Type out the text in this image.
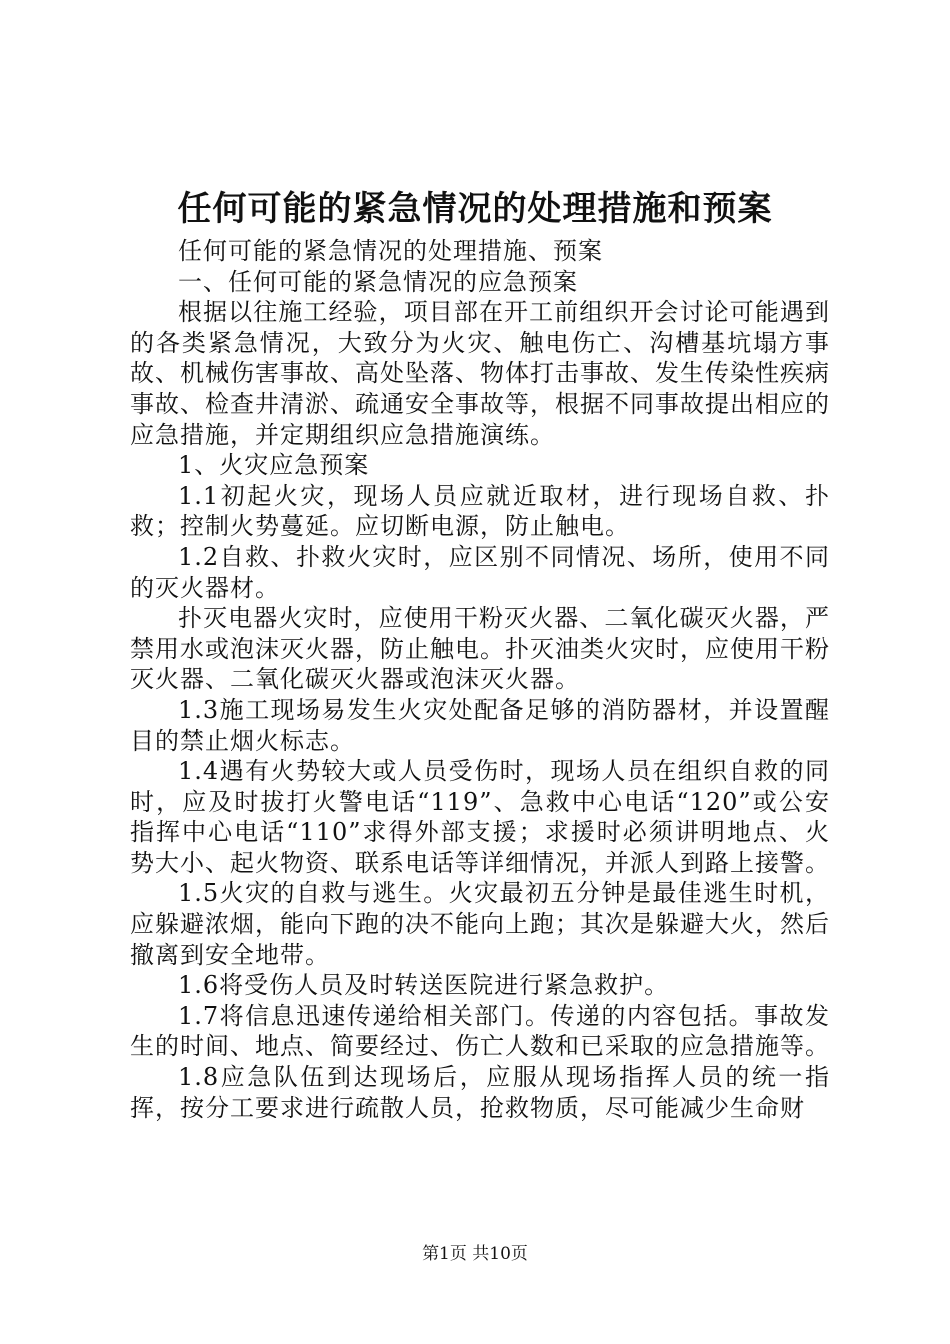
任何可能的紧急情况的处理措施和预案

任何可能的紧急情况的处理措施、预案

一、任何可能的紧急情况的应急预案

根据以往施工经验，项目部在开工前组织开会讨论可能遇到的各类紧急情况，大致分为火灾、触电伤亡、沟槽基坑塌方事故、机械伤害事故、高处坠落、物体打击事故、发生传染性疾病事故、检查井清淤、疏通安全事故等，根据不同事故提出相应的应急措施，并定期组织应急措施演练。

1、火灾应急预案

1.1初起火灾，现场人员应就近取材，进行现场自救、扑救；控制火势蔓延。应切断电源，防止触电。

1.2自救、扑救火灾时，应区别不同情况、场所，使用不同的灭火器材。

扑灭电器火灾时，应使用干粉灭火器、二氧化碳灭火器，严禁用水或泡沫灭火器，防止触电。扑灭油类火灾时，应使用干粉灭火器、二氧化碳灭火器或泡沫灭火器。

1.3施工现场易发生火灾处配备足够的消防器材，并设置醒目的禁止烟火标志。

1.4遇有火势较大或人员受伤时，现场人员在组织自救的同时，应及时拔打火警电话“119”、急救中心电话“120”或公安指挥中心电话“110”求得外部支援；求援时必须讲明地点、火势大小、起火物资、联系电话等详细情况，并派人到路上接警。

1.5火灾的自救与逃生。火灾最初五分钟是最佳逃生时机，应躲避浓烟，能向下跑的决不能向上跑；其次是躲避大火，然后撤离到安全地带。

1.6将受伤人员及时转送医院进行紧急救护。

1.7将信息迅速传递给相关部门。传递的内容包括。事故发生的时间、地点、简要经过、伤亡人数和已采取的应急措施等。

1.8应急队伍到达现场后，应服从现场指挥人员的统一指挥，按分工要求进行疏散人员，抢救物质，尽可能减少生命财

第1页 共10页
